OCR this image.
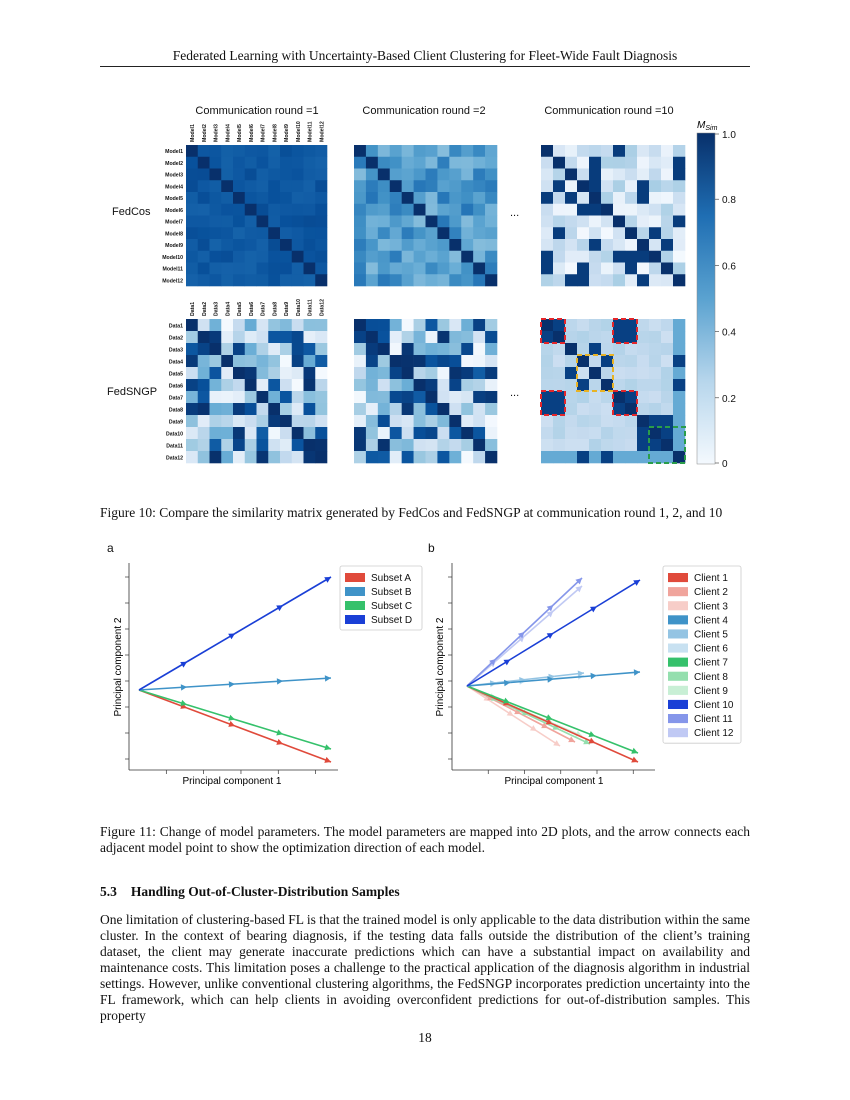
Federated Learning with Uncertainty-Based Client Clustering for Fleet-Wide Fault Diagnosis
Communication round =1	Communication round =2	Communication round =10
FedCos
FedSNGP
...
...
Model1
Model1
Model2
Model2
Model3
Model3
Model4
Model4
Model5
Model5
Model6
Model6
Model7
Model7
Model8
Model8
Model9
Model9
Model10
Model10
Model11
Model11
Model12
Model12
Data1
Data1
Data2
Data2
Data3
Data3
Data4
Data4
Data5
Data5
Data6
Data6
Data7
Data7
Data8
Data8
Data9
Data9
Data10
Data10
Data11
Data11
Data12
Data12
$M_{Sim}$
1.0
0.8
0.6
0.4
0.2
0
Figure 10: Compare the similarity matrix generated by FedCos and FedSNGP at communication round 1, 2, and 10
a	b
Principal component 1
Principal component 2
Subset A
Subset B
Subset C
Subset D
Principal component 1
Principal component 2
Client 1
Client 2
Client 3
Client 4
Client 5
Client 6
Client 7
Client 8
Client 9
Client 10
Client 11
Client 12
Figure 11: Change of model parameters. The model parameters are mapped into 2D plots, and the arrow connects each adjacent model point to show the optimization direction of each model.
5.3 Handling Out-of-Cluster-Distribution Samples
One limitation of clustering-based FL is that the trained model is only applicable to the data distribution within the same cluster. In the context of bearing diagnosis, if the testing data falls outside the distribution of the client’s training dataset, the client may generate inaccurate predictions which can have a substantial impact on availability and maintenance costs. This limitation poses a challenge to the practical application of the diagnosis algorithm in industrial settings. However, unlike conventional clustering algorithms, the FedSNGP incorporates prediction uncertainty into the FL framework, which can help clients in avoiding overconfident predictions for out-of-distribution samples. This property
18
